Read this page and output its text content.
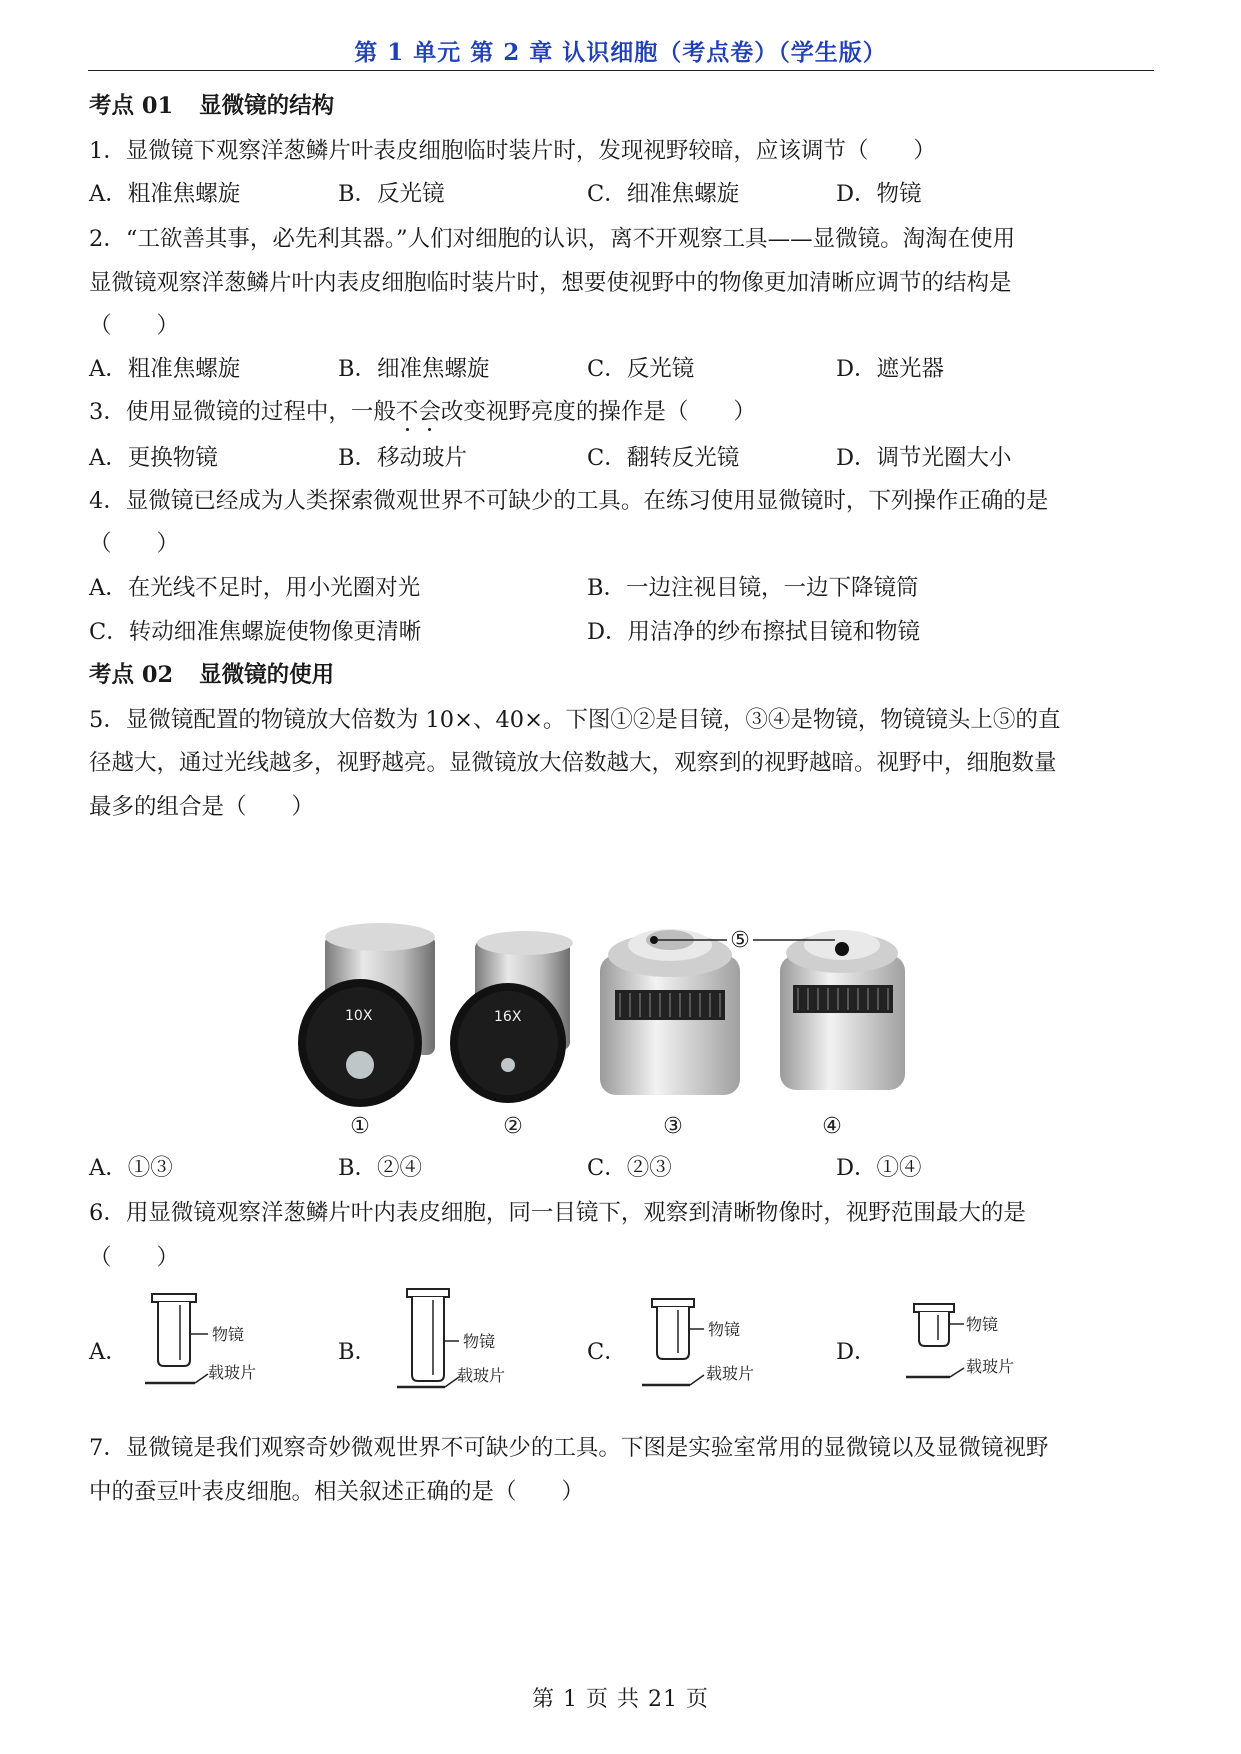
第 1 单元 第 2 章 认识细胞（考点卷）（学生版）
考点 01 显微镜的结构
1．显微镜下观察洋葱鳞片叶表皮细胞临时装片时，发现视野较暗，应该调节（　　）
A．粗准焦螺旋	B．反光镜	C．细准焦螺旋	D．物镜
2．“工欲善其事，必先利其器。”人们对细胞的认识，离不开观察工具——显微镜。淘淘在使用
显微镜观察洋葱鳞片叶内表皮细胞临时装片时，想要使视野中的物像更加清晰应调节的结构是
（　　）
A．粗准焦螺旋	B．细准焦螺旋	C．反光镜	D．遮光器
3．使用显微镜的过程中，一般不会改变视野亮度的操作是（　　）
A．更换物镜	B．移动玻片	C．翻转反光镜	D．调节光圈大小
4．显微镜已经成为人类探索微观世界不可缺少的工具。在练习使用显微镜时，下列操作正确的是
（　　）
A．在光线不足时，用小光圈对光	B．一边注视目镜，一边下降镜筒
C．转动细准焦螺旋使物像更清晰	D．用洁净的纱布擦拭目镜和物镜
考点 02 显微镜的使用
5．显微镜配置的物镜放大倍数为 10×、40×。下图①②是目镜，③④是物镜，物镜镜头上⑤的直
径越大，通过光线越多，视野越亮。显微镜放大倍数越大，观察到的视野越暗。视野中，细胞数量
最多的组合是（　　）
10X	16X
⑤
①	②	③	④
A．①③	B．②④	C．②③	D．①④
6．用显微镜观察洋葱鳞片叶内表皮细胞，同一目镜下，观察到清晰物像时，视野范围最大的是
（　　）
A．
物镜
载玻片
B．	物镜
载玻片
C．
物镜
载玻片
D．
物镜
载玻片
7．显微镜是我们观察奇妙微观世界不可缺少的工具。下图是实验室常用的显微镜以及显微镜视野
中的蚕豆叶表皮细胞。相关叙述正确的是（　　）
第 1 页 共 21 页
